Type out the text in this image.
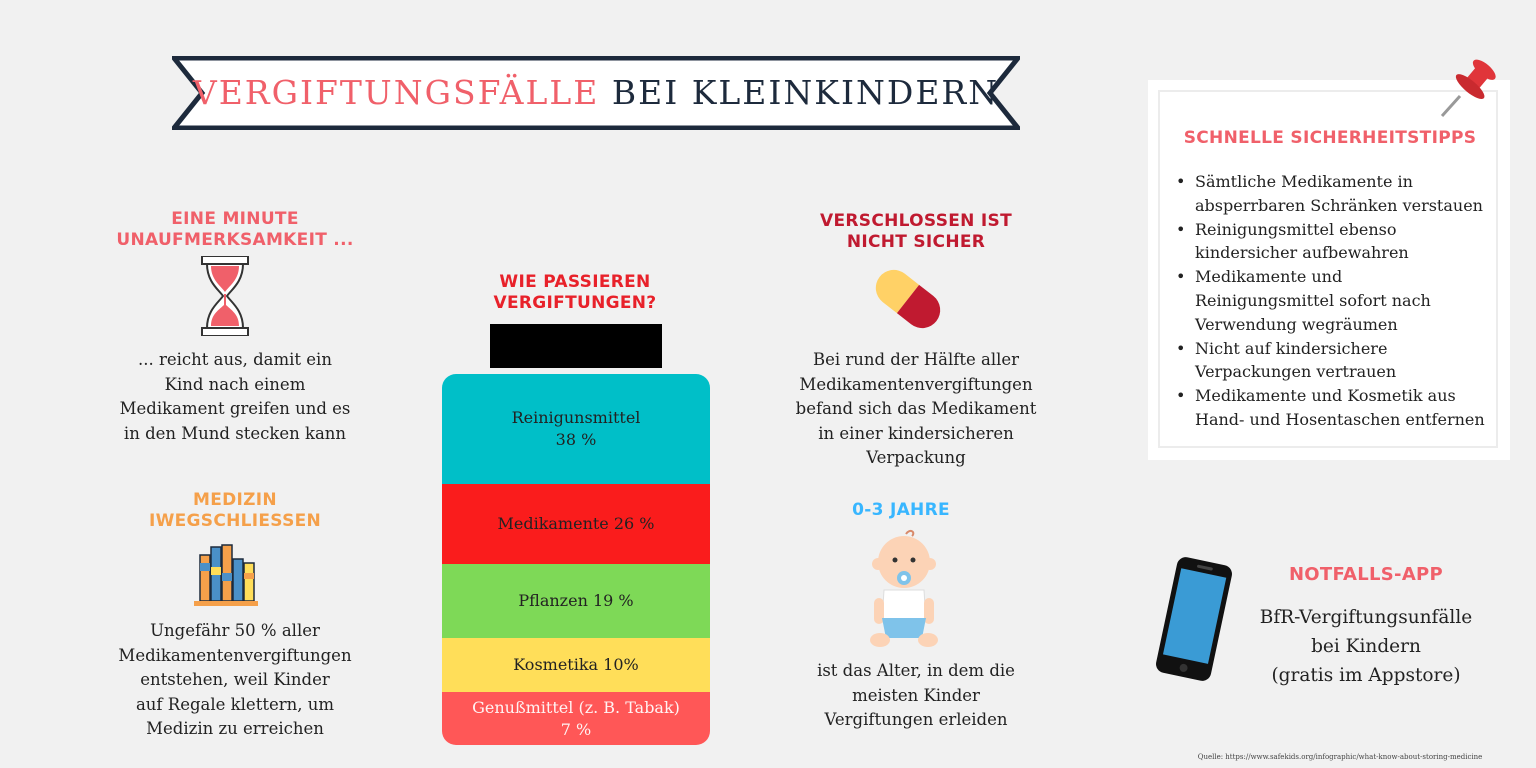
VERGIFTUNGSFÄLLE BEI KLEINKINDERN
EINE MINUTE
UNAUFMERKSAMKEIT ...
... reicht aus, damit ein
Kind nach einem
Medikament greifen und es
in den Mund stecken kann
MEDIZIN
IWEGSCHLIESSEN
Ungefähr 50 % aller
Medikamentenvergiftungen
entstehen, weil Kinder
auf Regale klettern, um
Medizin zu erreichen
WIE PASSIEREN
VERGIFTUNGEN?
Reinigunsmittel
38 %
Medikamente 26 %
Pflanzen 19 %
Kosmetika 10%
Genußmittel (z. B. Tabak)
7 %
VERSCHLOSSEN IST
NICHT SICHER
Bei rund der Hälfte aller
Medikamentenvergiftungen
befand sich das Medikament
in einer kindersicheren
Verpackung
0-3 JAHRE
ist das Alter, in dem die
meisten Kinder
Vergiftungen erleiden
SCHNELLE SICHERHEITSTIPPS
• Sämtliche Medikamente in
absperrbaren Schränken verstauen
• Reinigungsmittel ebenso
kindersicher aufbewahren
• Medikamente und
Reinigungsmittel sofort nach
Verwendung wegräumen
• Nicht auf kindersichere
Verpackungen vertrauen
• Medikamente und Kosmetik aus
Hand- und Hosentaschen entfernen
NOTFALLS-APP
BfR-Vergiftungsunfälle
bei Kindern
(gratis im Appstore)
Quelle: https://www.safekids.org/infographic/what-know-about-storing-medicine
